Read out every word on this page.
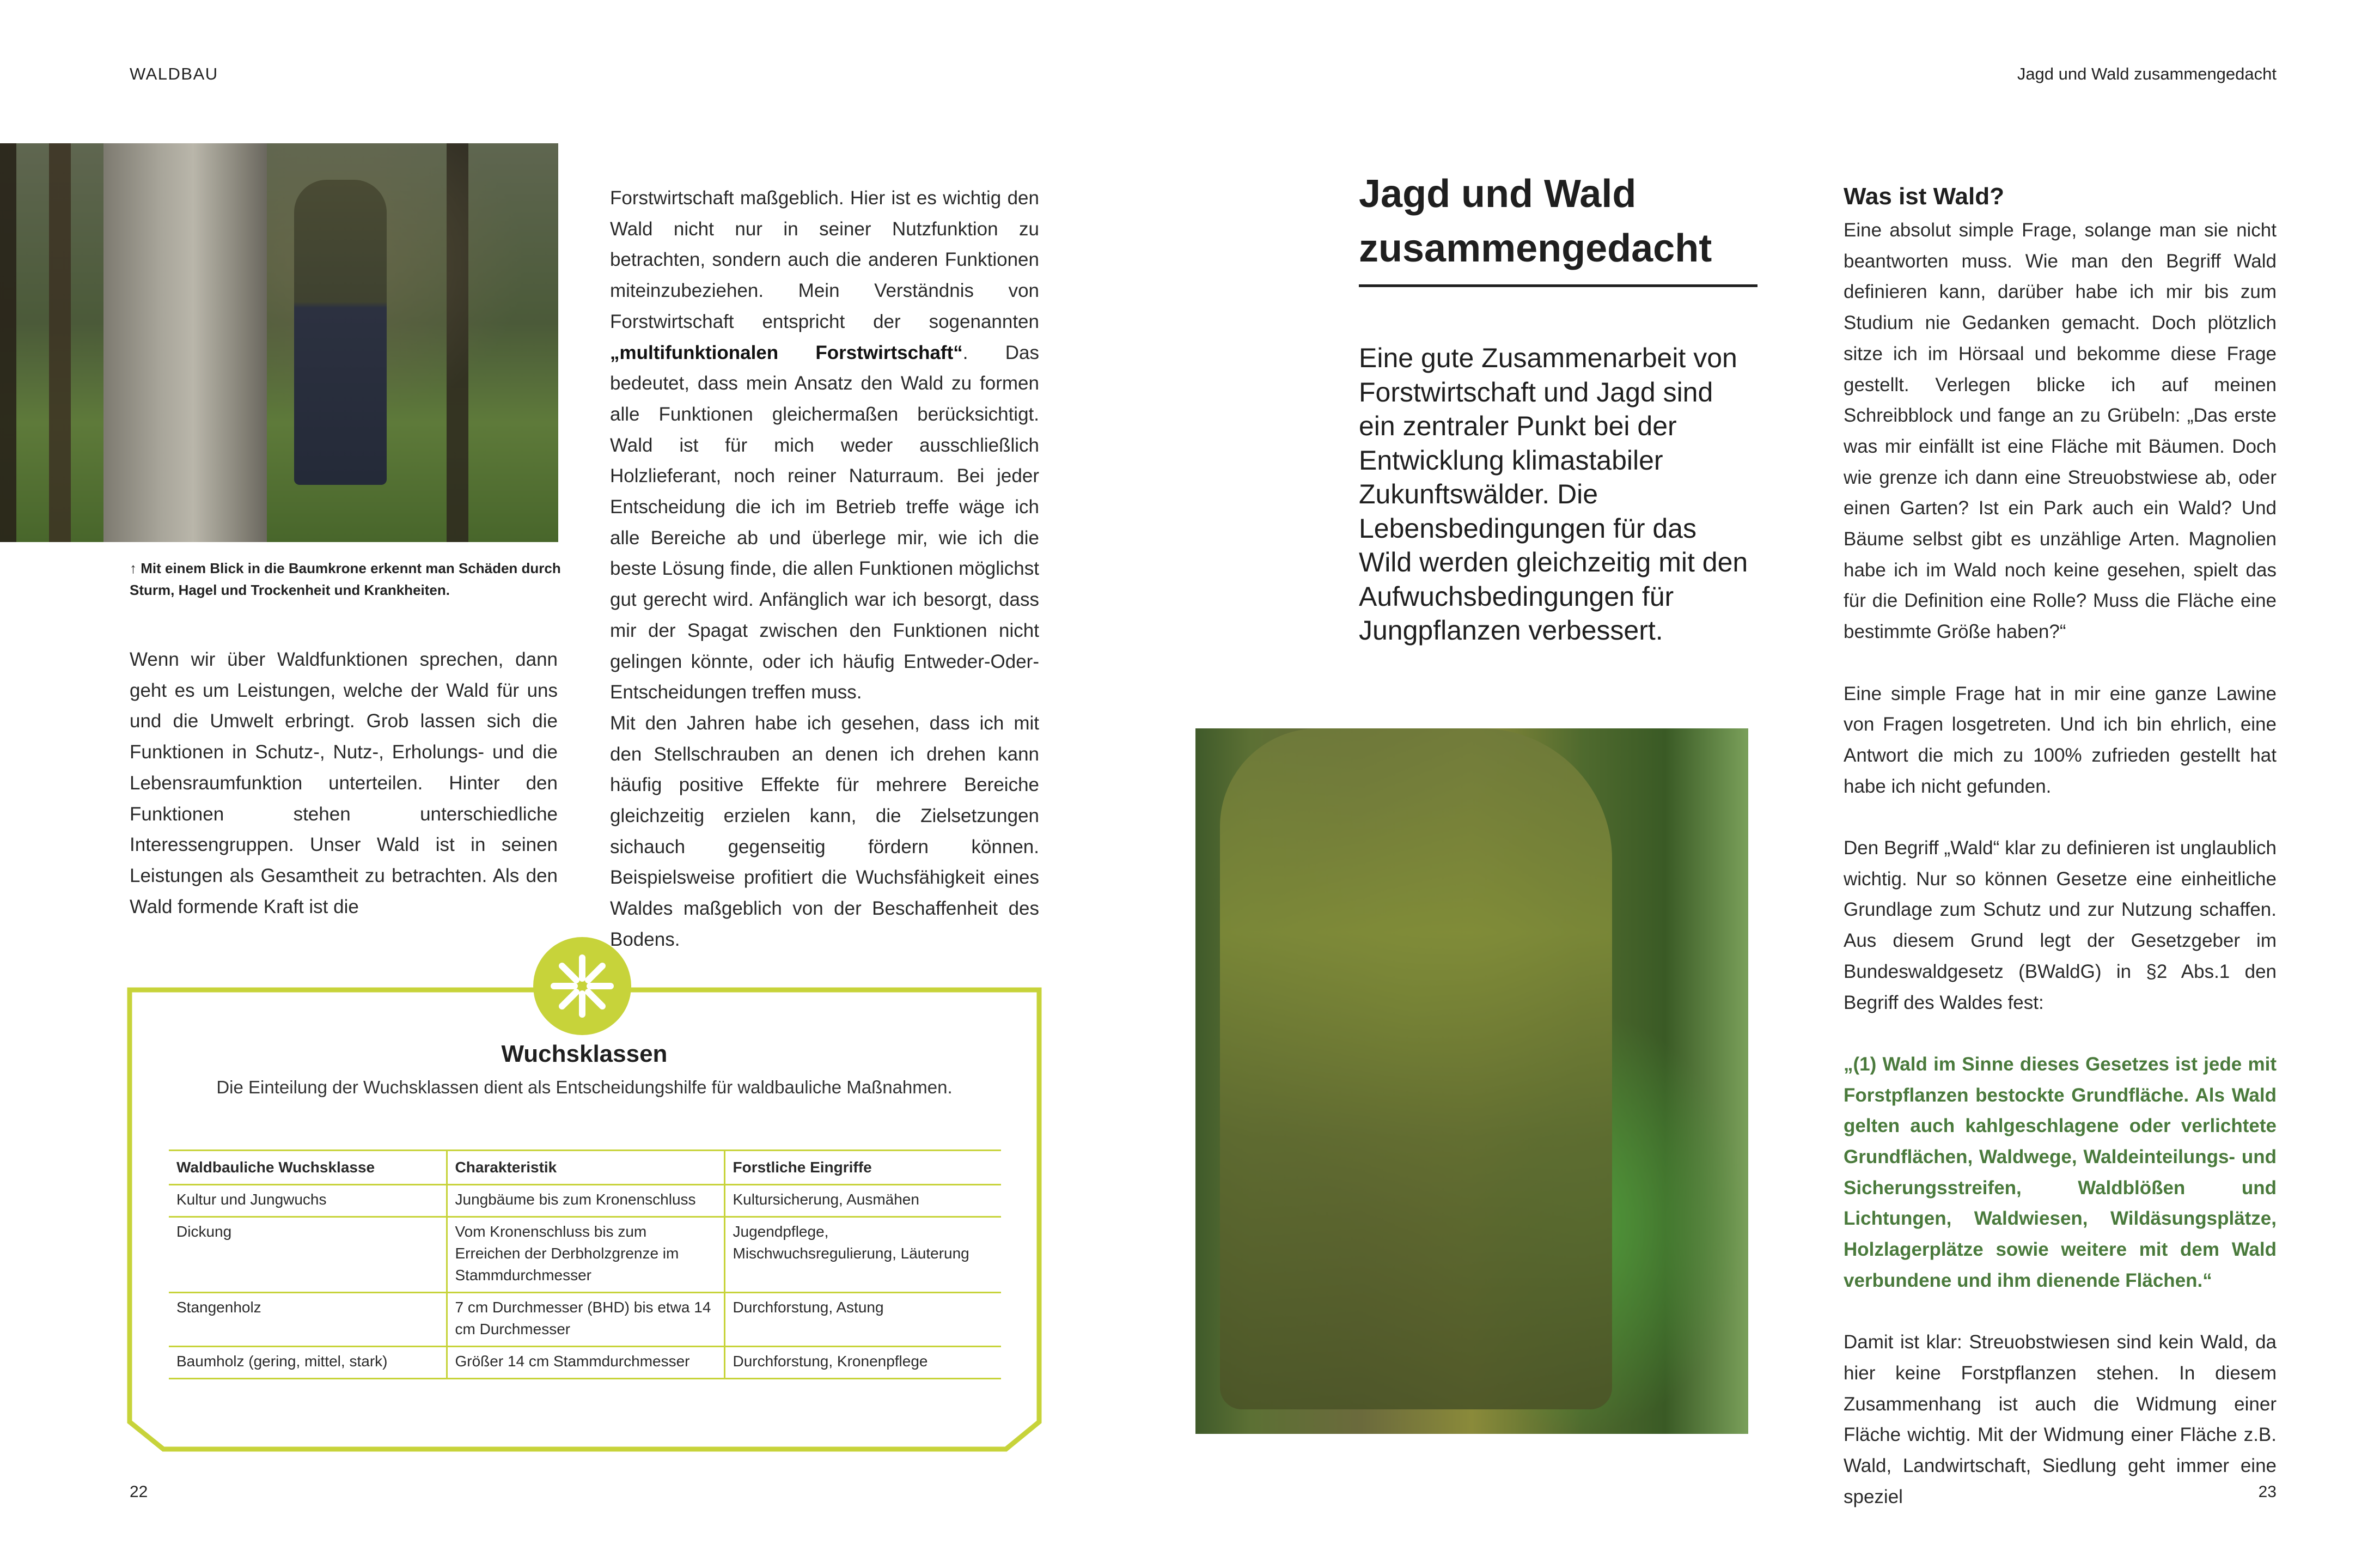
WALDBAU
↑ Mit einem Blick in die Baumkrone erkennt man Schäden durch Sturm, Hagel und Trockenheit und Krankheiten.

Wenn wir über Waldfunktionen sprechen, dann geht es um Leistungen, welche der Wald für uns und die Umwelt erbringt. Grob lassen sich die Funktionen in Schutz-, Nutz-, Erholungs- und die Lebensraumfunktion unterteilen. Hinter den Funktionen stehen unterschiedliche Interessengruppen. Unser Wald ist in seinen Leistungen als Gesamtheit zu betrachten. Als den Wald formende Kraft ist die

Forstwirtschaft maßgeblich. Hier ist es wichtig den Wald nicht nur in seiner Nutzfunktion zu betrachten, sondern auch die anderen Funktionen miteinzubeziehen. Mein Verständnis von Forstwirtschaft entspricht der sogenannten „multifunktionalen Forstwirtschaft“. Das bedeutet, dass mein Ansatz den Wald zu formen alle Funktionen gleichermaßen berücksichtigt. Wald ist für mich weder ausschließlich Holzlieferant, noch reiner Naturraum. Bei jeder Entscheidung die ich im Betrieb treffe wäge ich alle Bereiche ab und überlege mir, wie ich die beste Lösung finde, die allen Funktionen möglichst gut gerecht wird. Anfänglich war ich besorgt, dass mir der Spagat zwischen den Funktionen nicht gelingen könnte, oder ich häufig Entweder-Oder-Entscheidungen treffen muss.

Mit den Jahren habe ich gesehen, dass ich mit den Stellschrauben an denen ich drehen kann häufig positive Effekte für mehrere Bereiche gleichzeitig erzielen kann, die Zielsetzungen sichauch gegenseitig fördern können. Beispielsweise profitiert die Wuchsfähigkeit eines Waldes maßgeblich von der Beschaffenheit des Bodens.

Wuchsklassen
Die Einteilung der Wuchsklassen dient als Entscheidungshilfe für waldbauliche Maßnahmen.
Waldbauliche Wuchsklasse	Charakteristik	Forstliche Eingriffe
Kultur und Jungwuchs	Jungbäume bis zum Kronenschluss	Kultursicherung, Ausmähen
Dickung	Vom Kronenschluss bis zum Erreichen der Derbholzgrenze im Stammdurchmesser	Jugendpflege, Mischwuchsregulierung, Läuterung
Stangenholz	7 cm Durchmesser (BHD) bis etwa 14 cm Durchmesser	Durchforstung, Astung
Baumholz (gering, mittel, stark)	Größer 14 cm Stammdurchmesser	Durchforstung, Kronenpflege
22
Jagd und Wald zusammengedacht
Jagd und Wald
zusammengedacht
Eine gute Zusammenarbeit von Forstwirtschaft und Jagd sind ein zentraler Punkt bei der Entwicklung klimastabiler Zukunftswälder. Die Lebensbedingungen für das Wild werden gleichzeitig mit den Aufwuchsbedingungen für Jungpflanzen verbessert.
Was ist Wald?

Eine absolut simple Frage, solange man sie nicht beantworten muss. Wie man den Begriff Wald definieren kann, darüber habe ich mir bis zum Studium nie Gedanken gemacht. Doch plötzlich sitze ich im Hörsaal und bekomme diese Frage gestellt. Verlegen blicke ich auf meinen Schreibblock und fange an zu Grübeln: „Das erste was mir einfällt ist eine Fläche mit Bäumen. Doch wie grenze ich dann eine Streuobstwiese ab, oder einen Garten? Ist ein Park auch ein Wald? Und Bäume selbst gibt es unzählige Arten. Magnolien habe ich im Wald noch keine gesehen, spielt das für die Definition eine Rolle? Muss die Fläche eine bestimmte Größe haben?“

Eine simple Frage hat in mir eine ganze Lawine von Fragen losgetreten. Und ich bin ehrlich, eine Antwort die mich zu 100% zufrieden gestellt hat habe ich nicht gefunden.

Den Begriff „Wald“ klar zu definieren ist unglaublich wichtig. Nur so können Gesetze eine einheitliche Grundlage zum Schutz und zur Nutzung schaffen. Aus diesem Grund legt der Gesetzgeber im Bundeswaldgesetz (BWaldG) in §2 Abs.1 den Begriff des Waldes fest:

„(1) Wald im Sinne dieses Gesetzes ist jede mit Forstpflanzen bestockte Grundfläche. Als Wald gelten auch kahlgeschlagene oder verlichtete Grundflächen, Waldwege, Waldeinteilungs- und Sicherungsstreifen, Waldblößen und Lichtungen, Waldwiesen, Wildäsungsplätze, Holzlagerplätze sowie weitere mit dem Wald verbundene und ihm dienende Flächen.“

Damit ist klar: Streuobstwiesen sind kein Wald, da hier keine Forstpflanzen stehen. In diesem Zusammenhang ist auch die Widmung einer Fläche wichtig. Mit der Widmung einer Fläche z.B. Wald, Landwirtschaft, Siedlung geht immer eine speziel	23
